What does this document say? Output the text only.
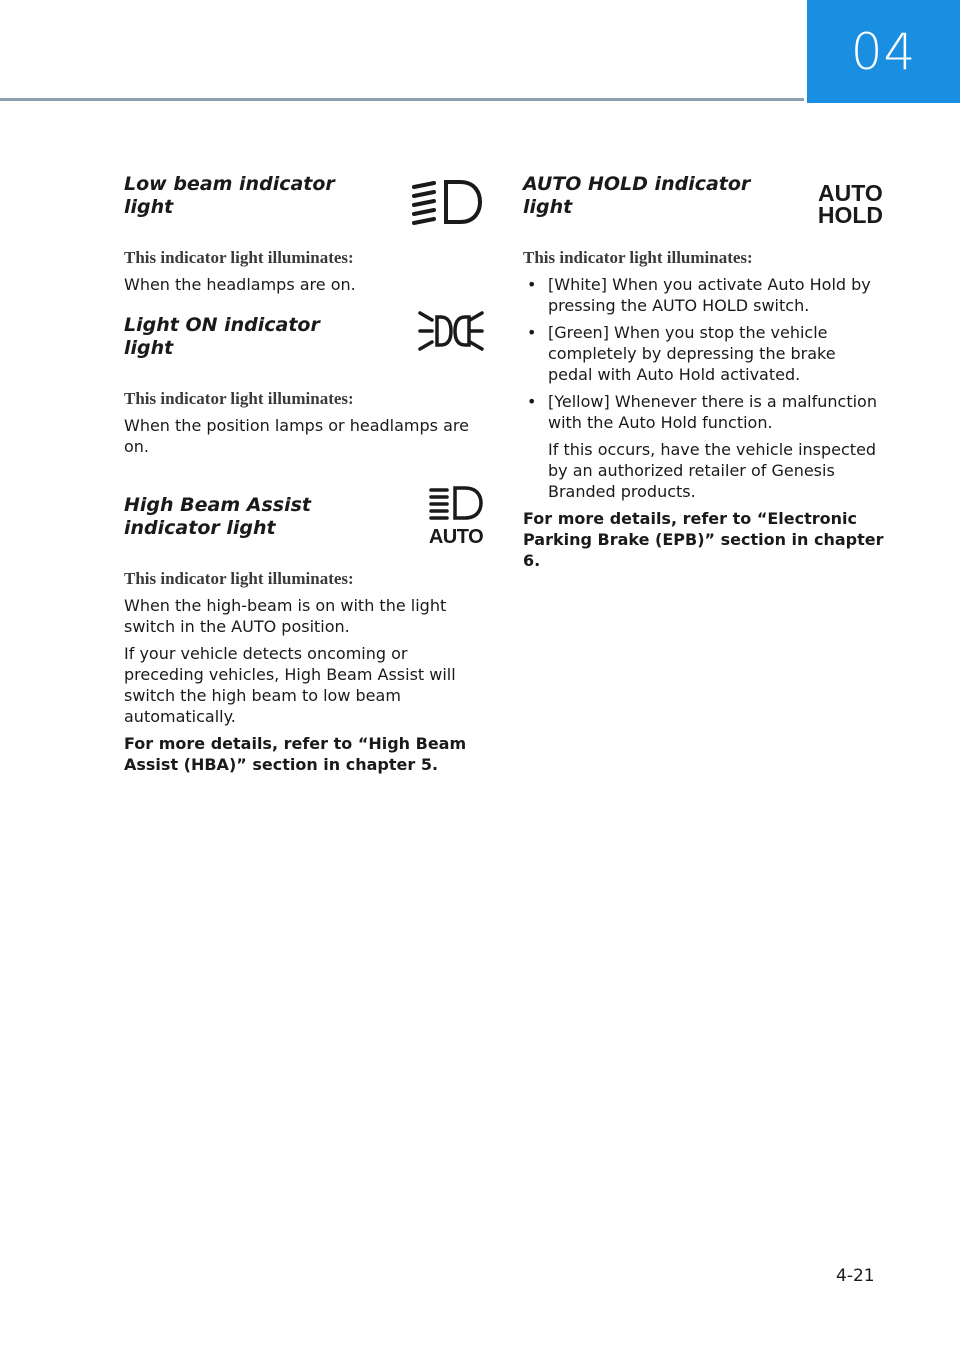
04
Low beam indicator light
This indicator light illuminates:

When the headlamps are on.

Light ON indicator light
This indicator light illuminates:

When the position lamps or headlamps are on.

High Beam Assist indicator light	AUTO
This indicator light illuminates:

When the high-beam is on with the light switch in the AUTO position.

If your vehicle detects oncoming or preceding vehicles, High Beam Assist will switch the high beam to low beam automatically.

For more details, refer to “High Beam Assist (HBA)” section in chapter 5.

AUTO HOLD indicator light
AUTO
HOLD
This indicator light illuminates:
• [White] When you activate Auto Hold by pressing the AUTO HOLD switch.
• [Green] When you stop the vehicle completely by depressing the brake pedal with Auto Hold activated.
• [Yellow] Whenever there is a malfunction with the Auto Hold function.
If this occurs, have the vehicle inspected by an authorized retailer of Genesis Branded products.

For more details, refer to “Electronic Parking Brake (EPB)” section in chapter 6.

4-21
